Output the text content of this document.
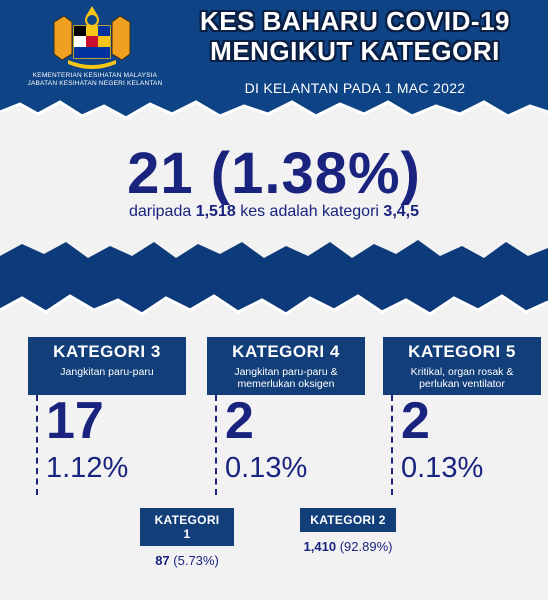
KEMENTERIAN KESIHATAN MALAYSIA
JABATAN KESIHATAN NEGERI KELANTAN
KES BAHARU COVID-19
MENGIKUT KATEGORI
DI KELANTAN PADA 1 MAC 2022
21 (1.38%)
daripada 1,518 kes adalah kategori 3,4,5
KATEGORI 3
Jangkitan paru-paru
17
1.12%
KATEGORI 4
Jangkitan paru-paru &
memerlukan oksigen
2
0.13%
KATEGORI 5
Kritikal, organ rosak &
perlukan ventilator
2
0.13%
KATEGORI 1
87 (5.73%)
KATEGORI 2
1,410 (92.89%)
